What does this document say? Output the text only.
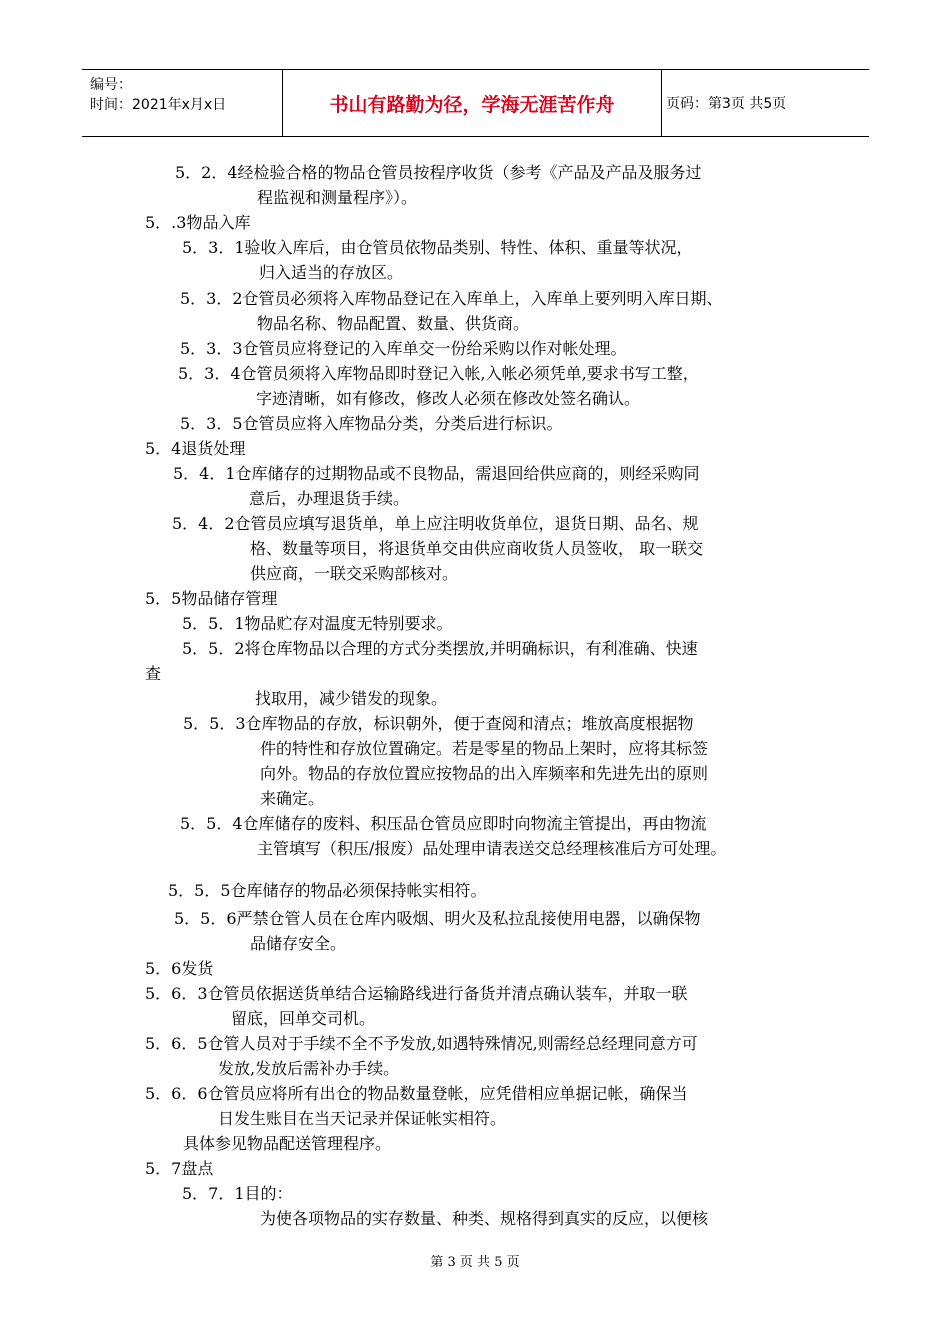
编号：
时间：2021年x月x日	书山有路勤为径，学海无涯苦作舟	页码：第3页 共5页
5．2．4经检验合格的物品仓管员按程序收货（参考《产品及产品及服务过
程监视和测量程序》）。
5．.3物品入库
5．3．1验收入库后，由仓管员依物品类别、特性、体积、重量等状况，
归入适当的存放区。
5．3．2仓管员必须将入库物品登记在入库单上，入库单上要列明入库日期、
物品名称、物品配置、数量、供货商。
5．3．3仓管员应将登记的入库单交一份给采购以作对帐处理。
5．3．4仓管员须将入库物品即时登记入帐,入帐必须凭单,要求书写工整，
字迹清晰，如有修改，修改人必须在修改处签名确认。
5．3．5仓管员应将入库物品分类，分类后进行标识。
5．4退货处理
5．4．1仓库储存的过期物品或不良物品，需退回给供应商的，则经采购同
意后，办理退货手续。
5．4．2仓管员应填写退货单，单上应注明收货单位，退货日期、品名、规
格、数量等项目，将退货单交由供应商收货人员签收， 取一联交
供应商，一联交采购部核对。
5．5物品储存管理
5．5．1物品贮存对温度无特别要求。
5．5．2将仓库物品以合理的方式分类摆放,并明确标识，有利准确、快速
查
找取用，减少错发的现象。
5．5．3仓库物品的存放，标识朝外，便于查阅和清点；堆放高度根据物
件的特性和存放位置确定。若是零星的物品上架时，应将其标签
向外。物品的存放位置应按物品的出入库频率和先进先出的原则
来确定。
5．5．4仓库储存的废料、积压品仓管员应即时向物流主管提出，再由物流
主管填写（积压/报废）品处理申请表送交总经理核准后方可处理。
5．5．5仓库储存的物品必须保持帐实相符。
5．5．6严禁仓管人员在仓库内吸烟、明火及私拉乱接使用电器，以确保物
品储存安全。
5．6发货
5．6．3仓管员依据送货单结合运输路线进行备货并清点确认装车，并取一联
留底，回单交司机。
5．6．5仓管人员对于手续不全不予发放,如遇特殊情况,则需经总经理同意方可
发放,发放后需补办手续。
5．6．6仓管员应将所有出仓的物品数量登帐，应凭借相应单据记帐，确保当
日发生账目在当天记录并保证帐实相符。
具体参见物品配送管理程序。
5．7盘点
5．7．1目的：
为使各项物品的实存数量、种类、规格得到真实的反应，以便核
第 3 页 共 5 页
